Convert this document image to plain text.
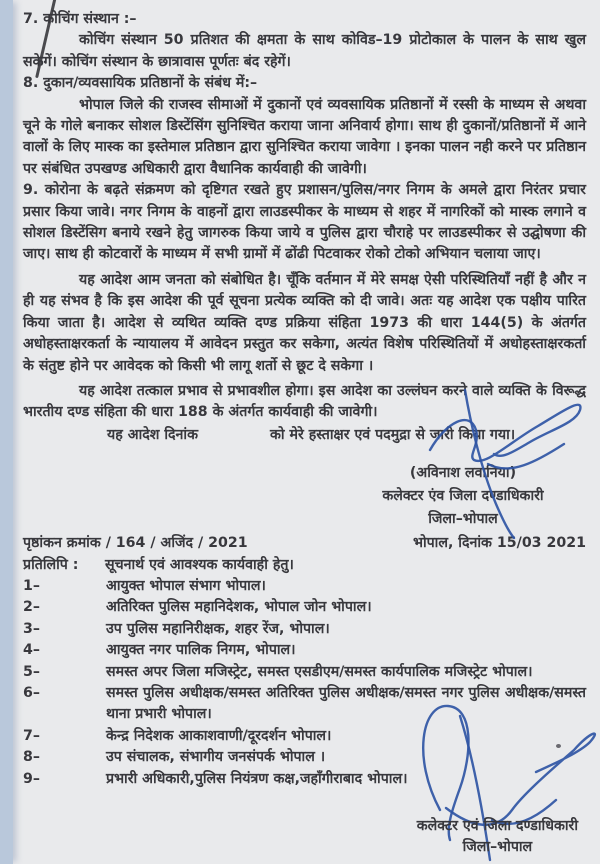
7. कोचिंग संस्थान :–

कोचिंग संस्थान 50 प्रतिशत की क्षमता के साथ कोविड–19 प्रोटोकाल के पालन के साथ खुल सकेगें। कोचिंग संस्थान के छात्रावास पूर्णतः बंद रहेगें।

8. दुकान/व्यवसायिक प्रतिष्ठानों के संबंध में:–

भोपाल जिले की राजस्व सीमाओं में दुकानों एवं व्यवसायिक प्रतिष्ठानों में रस्सी के माध्यम से अथवा चूने के गोले बनाकर सोशल डिस्टेंसिंग सुनिश्चित कराया जाना अनिवार्य होगा। साथ ही दुकानों/प्रतिष्ठानों में आने वालों के लिए मास्क का इस्तेमाल प्रतिष्ठान द्वारा सुनिश्चित कराया जावेगा । इनका पालन नही करने पर प्रतिष्ठान पर संबंधित उपखण्ड अधिकारी द्वारा वैधानिक कार्यवाही की जावेगी।

9. कोरोना के बढ़ते संक्रमण को दृष्टिगत रखते हुए प्रशासन/पुलिस/नगर निगम के अमले द्वारा निरंतर प्रचार प्रसार किया जावे। नगर निगम के वाहनों द्वारा लाउडस्पीकर के माध्यम से शहर में नागरिकों को मास्क लगाने व सोशल डिस्टेंसिग बनाये रखने हेतु जागरुक किया जाये व पुलिस द्वारा चौराहे पर लाउडस्पीकर से उद्घोषणा की जाए। साथ ही कोटवारों के माध्यम में सभी ग्रामों में ढोंढी पिटवाकर रोको टोको अभियान चलाया जाए।

यह आदेश आम जनता को संबोधित है। चूँकि वर्तमान में मेरे समक्ष ऐसी परिस्थितियाँ नहीं है और न ही यह संभव है कि इस आदेश की पूर्व सूचना प्रत्येक व्यक्ति को दी जावे। अतः यह आदेश एक पक्षीय पारित किया जाता है। आदेश से व्यथित व्यक्ति दण्ड प्रक्रिया संहिता 1973 की धारा 144(5) के अंतर्गत अधोहस्ताक्षरकर्ता के न्यायालय में आवेदन प्रस्तुत कर सकेगा, अत्यंत विशेष परिस्थितियों में अधोहस्ताक्षरकर्ता के संतुष्ट होने पर आवेदक को किसी भी लागू शर्तो से छूट दे सकेगा ।

यह आदेश तत्काल प्रभाव से प्रभावशील होगा। इस आदेश का उल्लंघन करने वाले व्यक्ति के विरूद्ध भारतीय दण्ड संहिता की धारा 188 के अंतर्गत कार्यवाही की जावेगी।

यह आदेश दिनांक	को मेरे हस्ताक्षर एवं पदमुद्रा से जारी किया गया।

(अविनाश लवानिया)
कलेक्टर एंव जिला दण्डाधिकारी
जिला–भोपाल
पृष्ठांकन क्रमांक / 164 / अजिंद / 2021	भोपाल, दिनांक 15/03 2021
प्रतिलिपि :	सूचनार्थ एवं आवश्यक कार्यवाही हेतु।
1–	आयुक्त भोपाल संभाग भोपाल।
2–	अतिरिक्त पुलिस महानिदेशक, भोपाल जोन भोपाल।
3–	उप पुलिस महानिरीक्षक, शहर रेंज, भोपाल।
4–	आयुक्त नगर पालिक निगम, भोपाल।
5–	समस्त अपर जिला मजिस्ट्रेट, समस्त एसडीएम/समस्त कार्यपालिक मजिस्ट्रेट भोपाल।
6–	समस्त पुलिस अधीक्षक/समस्त अतिरिक्त पुलिस अधीक्षक/समस्त नगर पुलिस अधीक्षक/समस्त थाना प्रभारी भोपाल।
7–	केन्द्र निदेशक आकाशवाणी/दूरदर्शन भोपाल।
8–	उप संचालक, संभागीय जनसंपर्क भोपाल ।
9–	प्रभारी अधिकारी,पुलिस नियंत्रण कक्ष,जहाँगीराबाद भोपाल।
कलेक्टर एवं जिला दण्डाधिकारी
जिला–भोपाल
